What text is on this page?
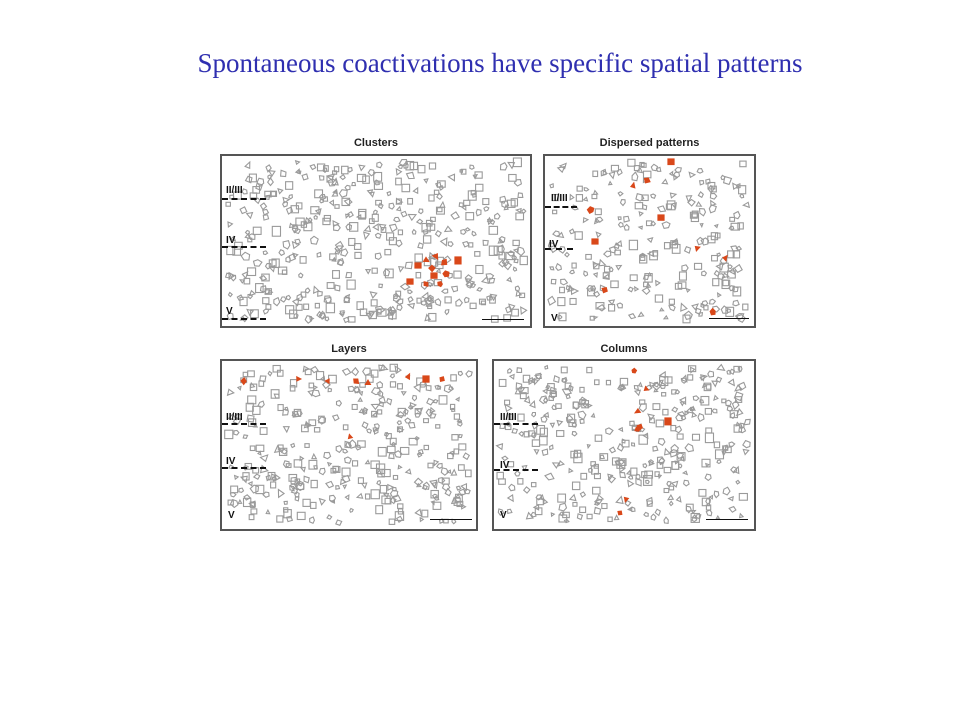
Spontaneous coactivations have specific spatial patterns
Clusters
II/III
IV
V
Dispersed patterns
II/III
IV
V
Layers
II/III
IV
V
Columns
II/III
IV
V
